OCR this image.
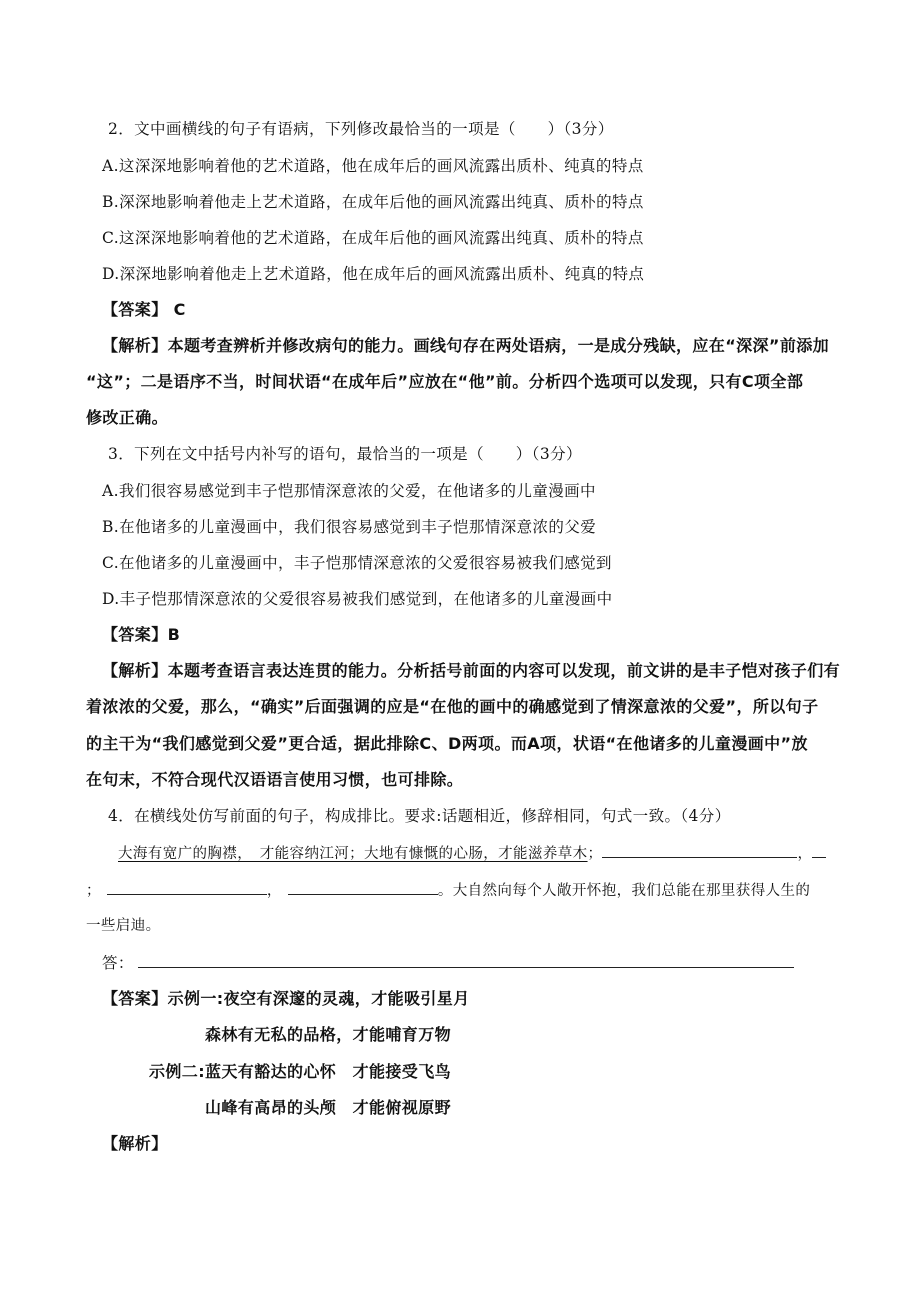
2．文中画横线的句子有语病，下列修改最恰当的一项是（　　）（3分）
A.这深深地影响着他的艺术道路，他在成年后的画风流露出质朴、纯真的特点
B.深深地影响着他走上艺术道路，在成年后他的画风流露出纯真、质朴的特点
C.这深深地影响着他的艺术道路，在成年后他的画风流露出纯真、质朴的特点
D.深深地影响着他走上艺术道路，他在成年后的画风流露出质朴、纯真的特点
【答案】 C
【解析】本题考查辨析并修改病句的能力。画线句存在两处语病，一是成分残缺，应在“深深”前添加
“这”；二是语序不当，时间状语“在成年后”应放在“他”前。分析四个选项可以发现，只有C项全部
修改正确。
3．下列在文中括号内补写的语句，最恰当的一项是（　　）（3分）
A.我们很容易感觉到丰子恺那情深意浓的父爱，在他诸多的儿童漫画中
B.在他诸多的儿童漫画中，我们很容易感觉到丰子恺那情深意浓的父爱
C.在他诸多的儿童漫画中，丰子恺那情深意浓的父爱很容易被我们感觉到
D.丰子恺那情深意浓的父爱很容易被我们感觉到，在他诸多的儿童漫画中
【答案】B
【解析】本题考查语言表达连贯的能力。分析括号前面的内容可以发现，前文讲的是丰子恺对孩子们有
着浓浓的父爱，那么，“确实”后面强调的应是“在他的画中的确感觉到了情深意浓的父爱”，所以句子
的主干为“我们感觉到父爱”更合适，据此排除C、D两项。而A项，状语“在他诸多的儿童漫画中”放
在句末，不符合现代汉语语言使用习惯，也可排除。
4．在横线处仿写前面的句子，构成排比。要求:话题相近，修辞相同，句式一致。（4分）
大海有宽广的胸襟，　才能容纳江河；大地有慷慨的心肠，才能滋养草木；	，
；	，	。大自然向每个人敞开怀抱，我们总能在那里获得人生的
一些启迪。
答：
【答案】示例一:夜空有深邃的灵魂，才能吸引星月
森林有无私的品格，才能哺育万物
示例二:蓝天有豁达的心怀　才能接受飞鸟
山峰有高昂的头颅　才能俯视原野
【解析】
